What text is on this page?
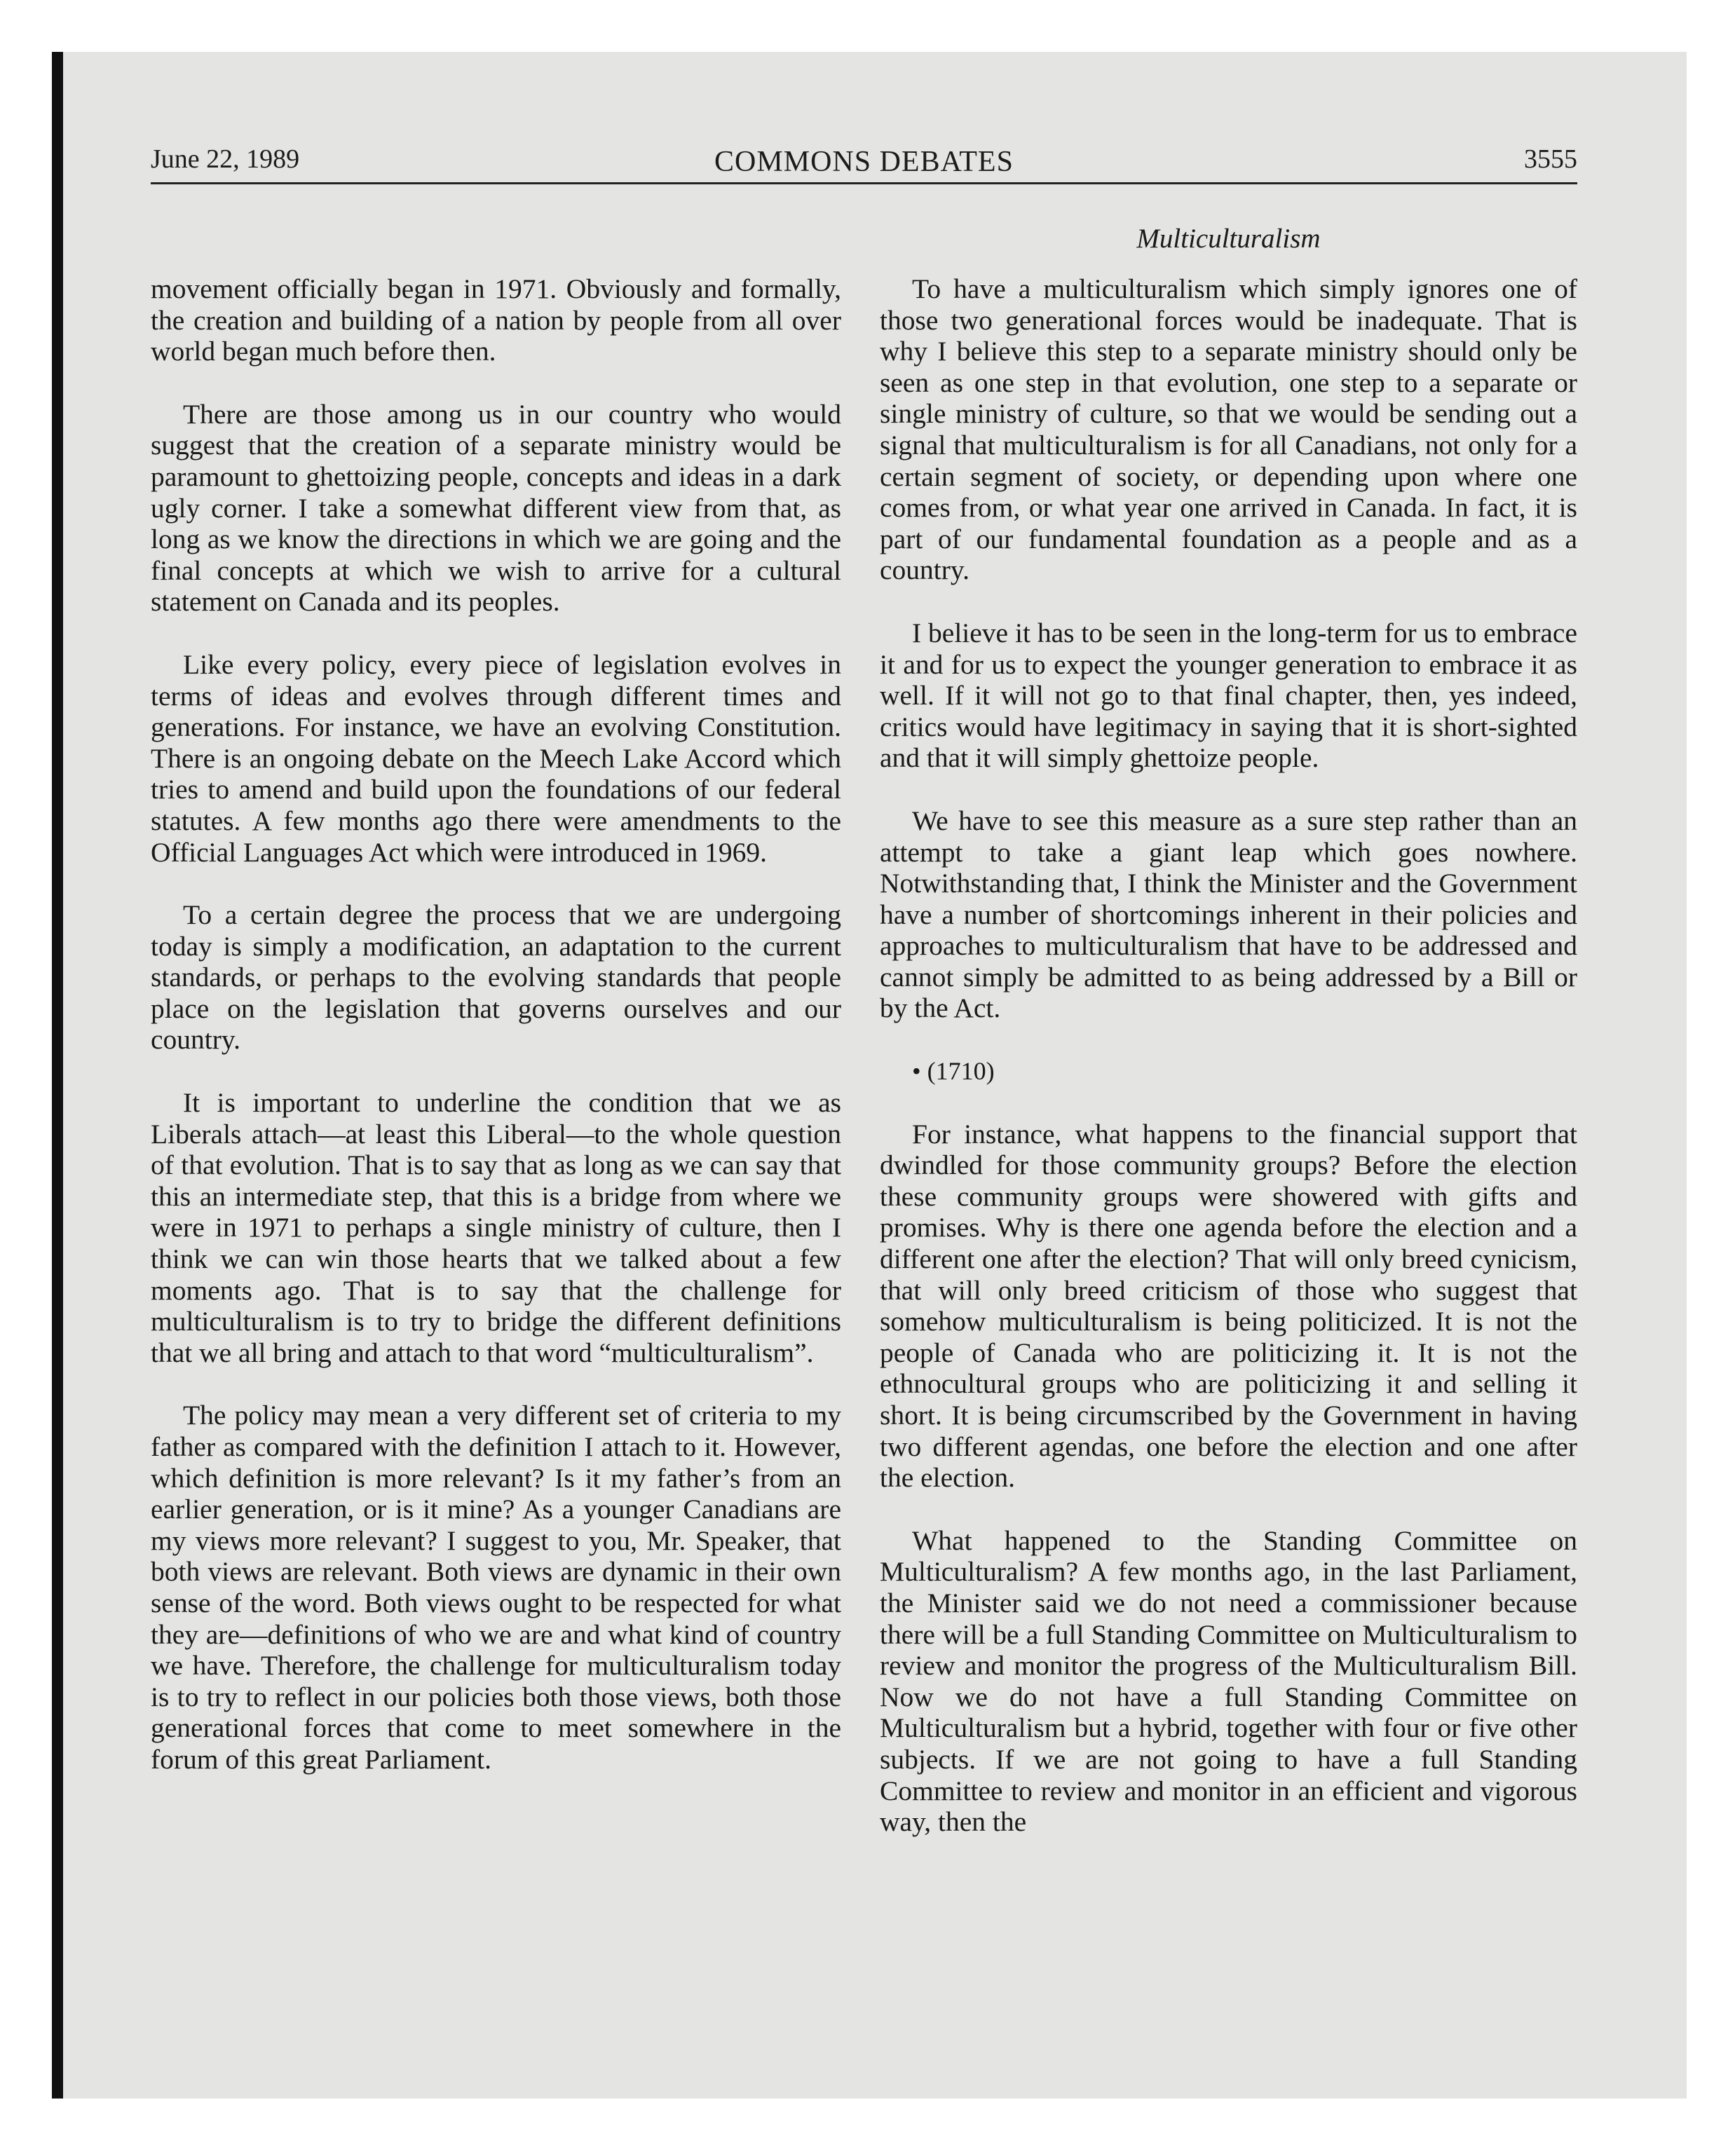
June 22, 1989	COMMONS DEBATES	3555
Multiculturalism

movement officially began in 1971. Obviously and formally, the creation and building of a nation by people from all over world began much before then.

There are those among us in our country who would suggest that the creation of a separate ministry would be paramount to ghettoizing people, concepts and ideas in a dark ugly corner. I take a somewhat different view from that, as long as we know the directions in which we are going and the final concepts at which we wish to arrive for a cultural statement on Canada and its peoples.

Like every policy, every piece of legislation evolves in terms of ideas and evolves through different times and generations. For instance, we have an evolving Constitution. There is an ongoing debate on the Meech Lake Accord which tries to amend and build upon the foundations of our federal statutes. A few months ago there were amendments to the Official Languages Act which were introduced in 1969.

To a certain degree the process that we are undergoing today is simply a modification, an adaptation to the current standards, or perhaps to the evolving standards that people place on the legislation that governs ourselves and our country.

It is important to underline the condition that we as Liberals attach—at least this Liberal—to the whole question of that evolution. That is to say that as long as we can say that this an intermediate step, that this is a bridge from where we were in 1971 to perhaps a single ministry of culture, then I think we can win those hearts that we talked about a few moments ago. That is to say that the challenge for multiculturalism is to try to bridge the different definitions that we all bring and attach to that word “multiculturalism”.

The policy may mean a very different set of criteria to my father as compared with the definition I attach to it. However, which definition is more relevant? Is it my father’s from an earlier generation, or is it mine? As a younger Canadians are my views more relevant? I suggest to you, Mr. Speaker, that both views are relevant. Both views are dynamic in their own sense of the word. Both views ought to be respected for what they are—definitions of who we are and what kind of country we have. Therefore, the challenge for multiculturalism today is to try to reflect in our policies both those views, both those generational forces that come to meet somewhere in the forum of this great Parliament.

To have a multiculturalism which simply ignores one of those two generational forces would be inadequate. That is why I believe this step to a separate ministry should only be seen as one step in that evolution, one step to a separate or single ministry of culture, so that we would be sending out a signal that multiculturalism is for all Canadians, not only for a certain segment of society, or depending upon where one comes from, or what year one arrived in Canada. In fact, it is part of our fundamental foundation as a people and as a country.

I believe it has to be seen in the long-term for us to embrace it and for us to expect the younger generation to embrace it as well. If it will not go to that final chapter, then, yes indeed, critics would have legitimacy in saying that it is short-sighted and that it will simply ghettoize people.

We have to see this measure as a sure step rather than an attempt to take a giant leap which goes nowhere. Notwithstanding that, I think the Minister and the Government have a number of shortcomings inherent in their policies and approaches to multiculturalism that have to be addressed and cannot simply be admitted to as being addressed by a Bill or by the Act.

• (1710)

For instance, what happens to the financial support that dwindled for those community groups? Before the election these community groups were showered with gifts and promises. Why is there one agenda before the election and a different one after the election? That will only breed cynicism, that will only breed criticism of those who suggest that somehow multiculturalism is being politicized. It is not the people of Canada who are politicizing it. It is not the ethnocultural groups who are politicizing it and selling it short. It is being circumscribed by the Government in having two different agendas, one before the election and one after the election.

What happened to the Standing Committee on Multiculturalism? A few months ago, in the last Parliament, the Minister said we do not need a commissioner because there will be a full Standing Committee on Multiculturalism to review and monitor the progress of the Multiculturalism Bill. Now we do not have a full Standing Committee on Multiculturalism but a hybrid, together with four or five other subjects. If we are not going to have a full Standing Committee to review and monitor in an efficient and vigorous way, then the
